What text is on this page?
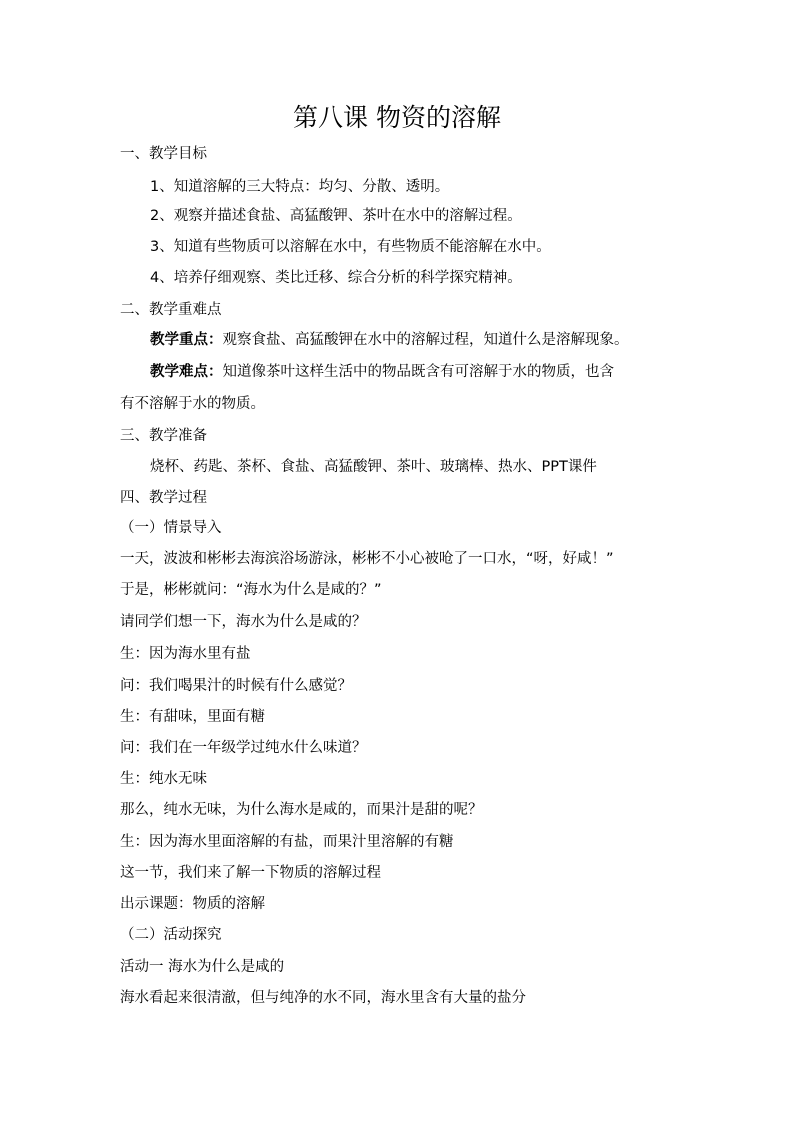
第八课 物资的溶解
一、教学目标
1、知道溶解的三大特点：均匀、分散、透明。
2、观察并描述食盐、高猛酸钾、茶叶在水中的溶解过程。
3、知道有些物质可以溶解在水中，有些物质不能溶解在水中。
4、培养仔细观察、类比迁移、综合分析的科学探究精神。
二、教学重难点
教学重点：观察食盐、高猛酸钾在水中的溶解过程，知道什么是溶解现象。
教学难点：知道像茶叶这样生活中的物品既含有可溶解于水的物质，也含
有不溶解于水的物质。
三、教学准备
烧杯、药匙、茶杯、食盐、高猛酸钾、茶叶、玻璃棒、热水、PPT课件
四、教学过程
（一）情景导入
一天，波波和彬彬去海滨浴场游泳，彬彬不小心被呛了一口水，“呀，好咸！”
于是，彬彬就问：“海水为什么是咸的？”
请同学们想一下，海水为什么是咸的？
生：因为海水里有盐
问：我们喝果汁的时候有什么感觉？
生：有甜味，里面有糖
问：我们在一年级学过纯水什么味道？
生：纯水无味
那么，纯水无味，为什么海水是咸的，而果汁是甜的呢？
生：因为海水里面溶解的有盐，而果汁里溶解的有糖
这一节，我们来了解一下物质的溶解过程
出示课题：物质的溶解
（二）活动探究
活动一 海水为什么是咸的
海水看起来很清澈，但与纯净的水不同，海水里含有大量的盐分
